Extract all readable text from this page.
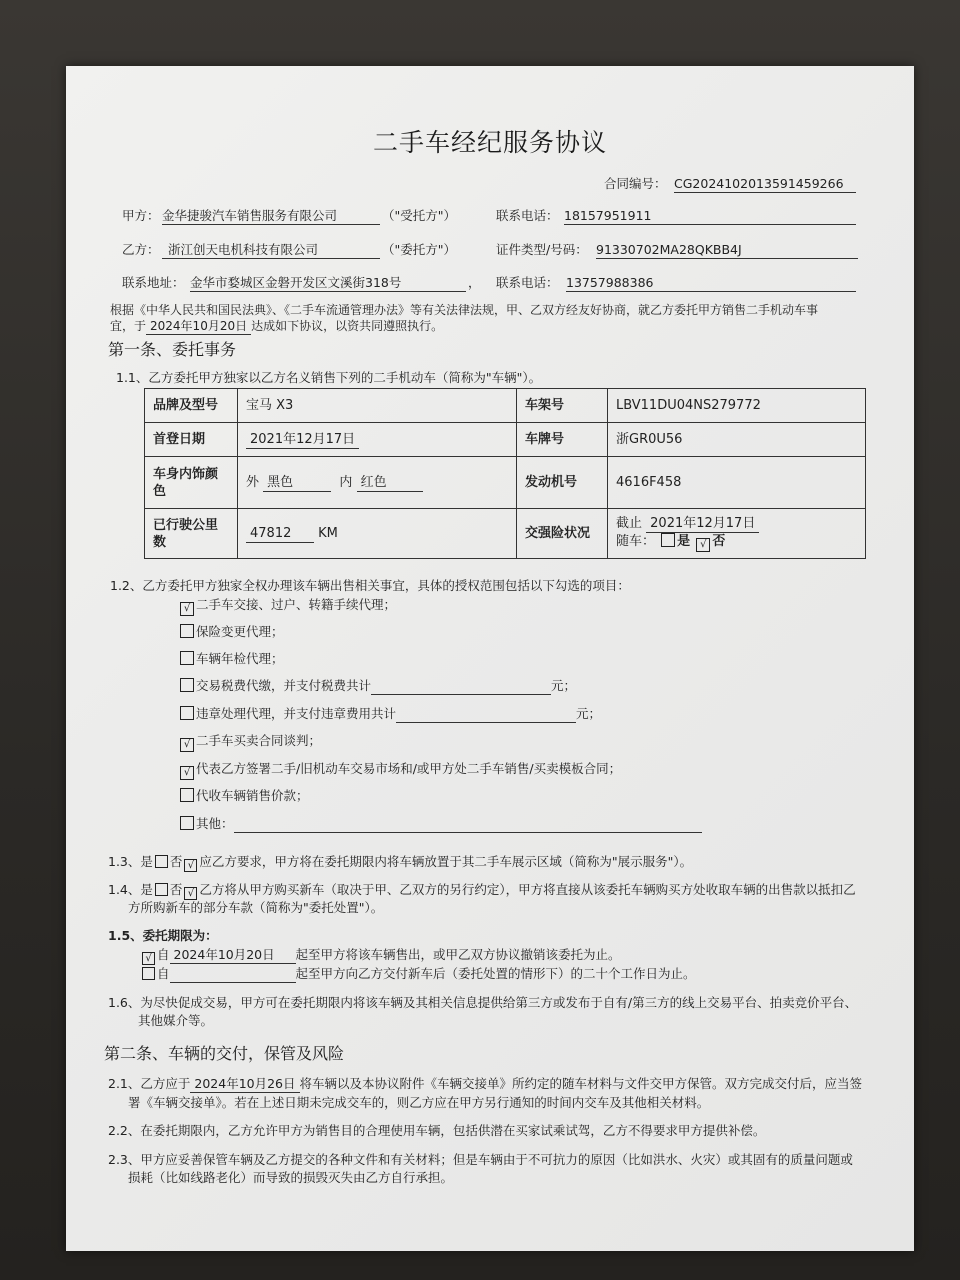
二手车经纪服务协议
合同编号： CG20241020135914592​66
甲方： 金华捷骏汽车销售服务有限公司	（"受托方"）	联系电话： 18157951911
乙方： 浙江创天电机科技有限公司	（"委托方"）	证件类型/号码： 91330702MA28QKBB4J
联系地址： 金华市婺城区金磐开发区文溪街318号	， 联系电话： 13757988386
根据《中华人民共和国民法典》、《二手车流通管理办法》等有关法律法规，甲、乙双方经友好协商，就乙方委托甲方销售二手机动车事
宜，于 2024年10月20日 达成如下协议，以资共同遵照执行。
第一条、委托事务
1.1、乙方委托甲方独家以乙方名义销售下列的二手机动车（简称为"车辆"）。
品牌及型号	宝马 X3	车架号	LBV11DU04NS279772
首登日期	2021年12月17日	车牌号	浙GR0U56
车身内饰颜色	外 黑色 内 红色	发动机号	4616F458
已行驶公里数	47812 KM	交强险状况	截止 2021年12月17日
随车： 是 √ 否
1.2、乙方委托甲方独家全权办理该车辆出售相关事宜，具体的授权范围包括以下勾选的项目：
√ 二手车交接、过户、转籍手续代理；
保险变更代理；
车辆年检代理；
交易税费代缴，并支付税费共计	元；
违章处理代理，并支付违章费用共计	元；
√ 二手车买卖合同谈判；
√ 代表乙方签署二手/旧机动车交易市场和/或甲方处二手车销售/买卖模板合同；
代收车辆销售价款；
其他：
1.3、是 否 √ 应乙方要求，甲方将在委托期限内将车辆放置于其二手车展示区域（简称为"展示服务"）。
1.4、是 否 √ 乙方将从甲方购买新车（取决于甲、乙双方的另行约定），甲方将直接从该委托车辆购买方处收取车辆的出售款以抵扣乙
方所购新车的部分车款（简称为"委托处置"）。
1.5、委托期限为：
√ 自 2024年10月20日 起至甲方将该车辆售出，或甲乙双方协议撤销该委托为止。
自	起至甲方向乙方交付新车后（委托处置的情形下）的二十个工作日为止。
1.6、为尽快促成交易，甲方可在委托期限内将该车辆及其相关信息提供给第三方或发布于自有/第三方的线上交易平台、拍卖竞价平台、
其他媒介等。
第二条、车辆的交付，保管及风险
2.1、乙方应于 2024年10月26日 将车辆以及本协议附件《车辆交接单》所约定的随车材料与文件交甲方保管。双方完成交付后，应当签
署《车辆交接单》。若在上述日期未完成交车的，则乙方应在甲方另行通知的时间内交车及其他相关材料。
2.2、在委托期限内，乙方允许甲方为销售目的合理使用车辆，包括供潜在买家试乘试驾，乙方不得要求甲方提供补偿。
2.3、甲方应妥善保管车辆及乙方提交的各种文件和有关材料；但是车辆由于不可抗力的原因（比如洪水、火灾）或其固有的质量问题或
损耗（比如线路老化）而导致的损毁灭失由乙方自行承担。
